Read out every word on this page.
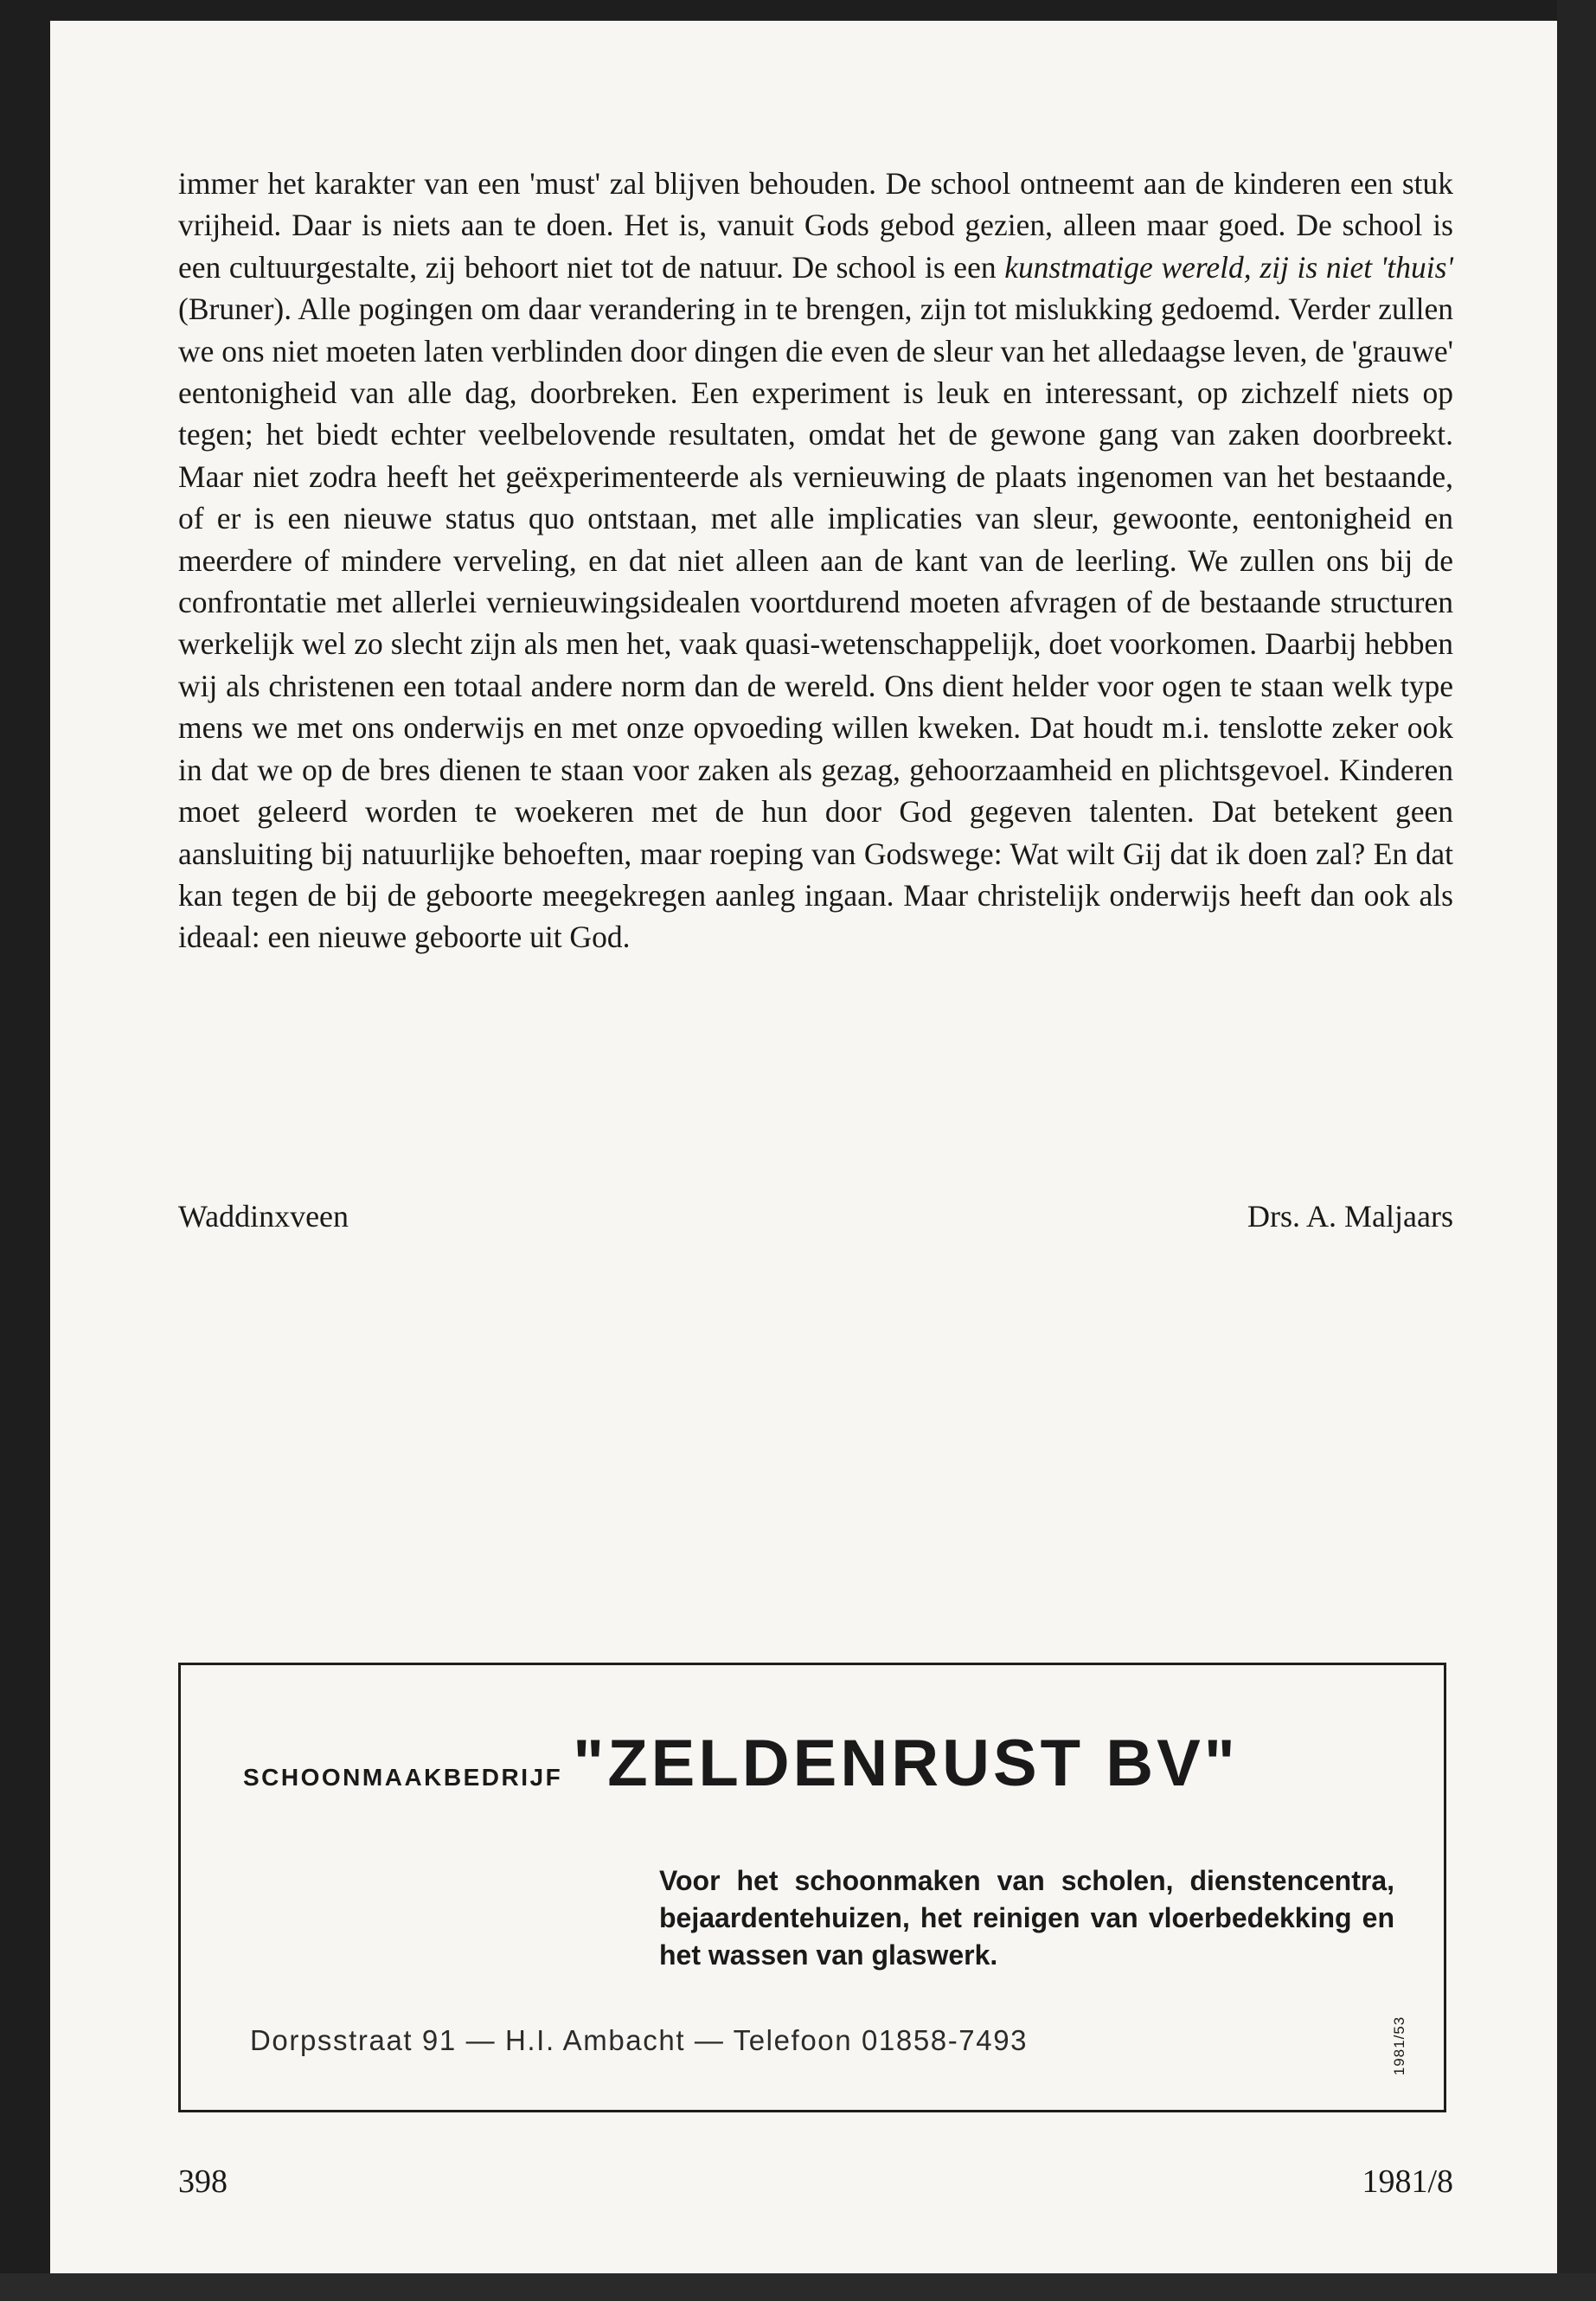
immer het karakter van een 'must' zal blijven behouden. De school ontneemt aan de kinderen een stuk vrijheid. Daar is niets aan te doen. Het is, vanuit Gods gebod gezien, alleen maar goed. De school is een cultuurgestalte, zij behoort niet tot de natuur. De school is een kunstmatige wereld, zij is niet 'thuis' (Bruner). Alle pogingen om daar verandering in te brengen, zijn tot mislukking gedoemd. Verder zullen we ons niet moeten laten verblinden door dingen die even de sleur van het alledaagse leven, de 'grauwe' eentonigheid van alle dag, doorbreken. Een experiment is leuk en interessant, op zichzelf niets op tegen; het biedt echter veelbelovende resultaten, omdat het de gewone gang van zaken doorbreekt. Maar niet zodra heeft het geëxperimenteerde als vernieuwing de plaats ingenomen van het bestaande, of er is een nieuwe status quo ontstaan, met alle implicaties van sleur, gewoonte, eentonigheid en meerdere of mindere verveling, en dat niet alleen aan de kant van de leerling. We zullen ons bij de confrontatie met allerlei vernieuwingsidealen voortdurend moeten afvragen of de bestaande structuren werkelijk wel zo slecht zijn als men het, vaak quasi-wetenschappelijk, doet voorkomen. Daarbij hebben wij als christenen een totaal andere norm dan de wereld. Ons dient helder voor ogen te staan welk type mens we met ons onderwijs en met onze opvoeding willen kweken. Dat houdt m.i. tenslotte zeker ook in dat we op de bres dienen te staan voor zaken als gezag, gehoorzaamheid en plichtsgevoel. Kinderen moet geleerd worden te woekeren met de hun door God gegeven talenten. Dat betekent geen aansluiting bij natuurlijke behoeften, maar roeping van Godswege: Wat wilt Gij dat ik doen zal? En dat kan tegen de bij de geboorte meegekregen aanleg ingaan. Maar christelijk onderwijs heeft dan ook als ideaal: een nieuwe geboorte uit God.

Waddinxveen	Drs. A. Maljaars
SCHOONMAAKBEDRIJF "ZELDENRUST BV"
Voor het schoonmaken van scholen, dienstencentra, bejaardentehuizen, het reinigen van vloerbedekking en het wassen van glaswerk.
Dorpsstraat 91 — H.I. Ambacht — Telefoon 01858-7493	1981/53
398	1981/8
